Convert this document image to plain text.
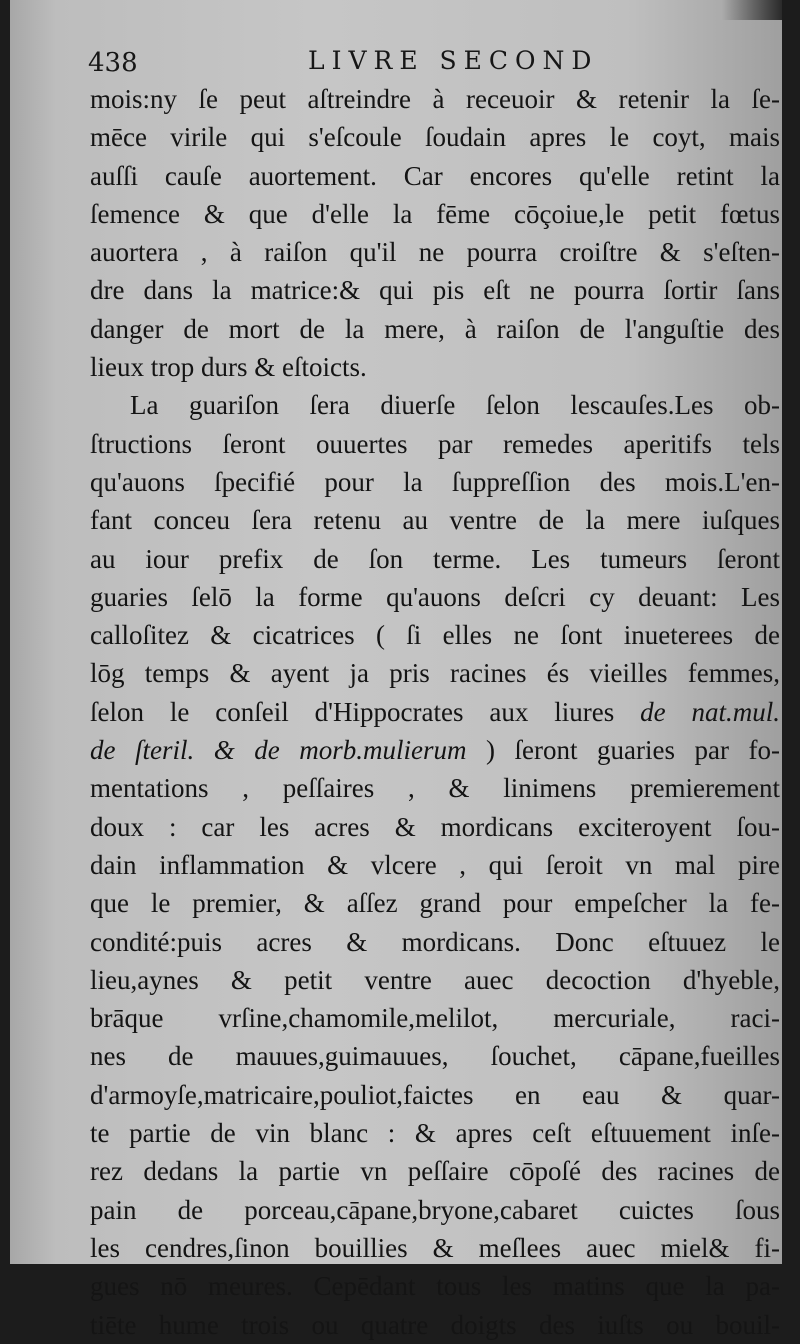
438	LIVRE SECOND
mois:ny ſe peut aſtreindre à receuoir & retenir la ſe-
mēce virile qui s'eſcoule ſoudain apres le coyt, mais
auſſi cauſe auortement. Car encores qu'elle retint la
ſemence & que d'elle la fēme cōçoiue,le petit fœtus
auortera , à raiſon qu'il ne pourra croiſtre & s'eſten-
dre dans la matrice:& qui pis eſt ne pourra ſortir ſans
danger de mort de la mere, à raiſon de l'anguſtie des
lieux trop durs & eſtoicts.
La guariſon ſera diuerſe ſelon lescauſes.Les ob-
ſtructions ſeront ouuertes par remedes aperitifs tels
qu'auons ſpecifié pour la ſuppreſſion des mois.L'en-
fant conceu ſera retenu au ventre de la mere iuſques
au iour prefix de ſon terme. Les tumeurs ſeront
guaries ſelō la forme qu'auons deſcri cy deuant: Les
calloſitez & cicatrices ( ſi elles ne ſont inueterees de
lōg temps & ayent ja pris racines és vieilles femmes,
ſelon le conſeil d'Hippocrates aux liures de nat.mul.
de ſteril. & de morb.mulierum ) ſeront guaries par fo-
mentations , peſſaires , & linimens premierement
doux : car les acres & mordicans exciteroyent ſou-
dain inflammation & vlcere , qui ſeroit vn mal pire
que le premier, & aſſez grand pour empeſcher la fe-
condité:puis acres & mordicans. Donc eſtuuez le
lieu,aynes & petit ventre auec decoction d'hyeble,
brāque vrſine,chamomile,melilot, mercuriale, raci-
nes de mauues,guimauues, ſouchet, cāpane,fueilles
d'armoyſe,matricaire,pouliot,faictes en eau & quar-
te partie de vin blanc : & apres ceſt eſtuuement inſe-
rez dedans la partie vn peſſaire cōpoſé des racines de
pain de porceau,cāpane,bryone,cabaret cuictes ſous
les cendres,ſinon bouillies & meſlees auec miel& fi-
gues nō meures. Cepēdant tous les matins que la pa-
tiēte hume trois ou quatre doigts des iuſts ou bouil-
